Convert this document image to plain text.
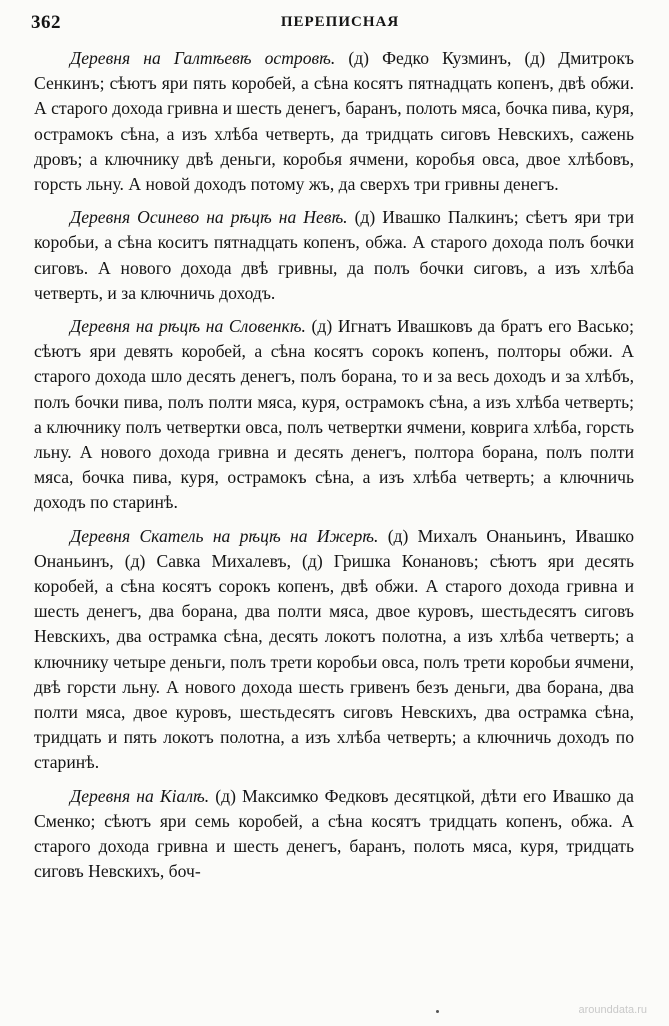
362	ПЕРЕПИСНАЯ

Деревня на Галтѣевѣ островѣ. (д) Федко Кузминъ, (д) Дмитрокъ Сенкинъ; сѣютъ яри пять коробей, а сѣна косятъ пятнадцать копенъ, двѣ обжи. А старого дохода гривна и шесть денегъ, баранъ, полоть мяса, бочка пива, куря, острамокъ сѣна, а изъ хлѣба четверть, да тридцать сиговъ Невскихъ, сажень дровъ; а ключнику двѣ деньги, коробья ячмени, коробья овса, двое хлѣбовъ, горсть льну. А новой доходъ потому жъ, да сверхъ три гривны денегъ.

Деревня Осинево на рѣцѣ на Невѣ. (д) Ивашко Палкинъ; сѣетъ яри три коробьи, а сѣна коситъ пятнадцать копенъ, обжа. А старого дохода полъ бочки сиговъ. А нового дохода двѣ гривны, да полъ бочки сиговъ, а изъ хлѣба четверть, и за ключничь доходъ.

Деревня на рѣцѣ на Словенкѣ. (д) Игнатъ Ивашковъ да братъ его Васько; сѣютъ яри девять коробей, а сѣна косятъ сорокъ копенъ, полторы обжи. А старого дохода шло десять денегъ, полъ борана, то и за весь доходъ и за хлѣбъ, полъ бочки пива, полъ полти мяса, куря, острамокъ сѣна, а изъ хлѣба четверть; а ключнику полъ четвертки овса, полъ четвертки ячмени, коврига хлѣба, горсть льну. А нового дохода гривна и десять денегъ, полтора борана, полъ полти мяса, бочка пива, куря, острамокъ сѣна, а изъ хлѣба четверть; а ключничь доходъ по старинѣ.

Деревня Скатель на рѣцѣ на Ижерѣ. (д) Михалъ Онаньинъ, Ивашко Онаньинъ, (д) Савка Михалевъ, (д) Гришка Конановъ; сѣютъ яри десять коробей, а сѣна косятъ сорокъ копенъ, двѣ обжи. А старого дохода гривна и шесть денегъ, два борана, два полти мяса, двое куровъ, шестьдесятъ сиговъ Невскихъ, два острамка сѣна, десять локотъ полотна, а изъ хлѣба четверть; а ключнику четыре деньги, полъ трети коробьи овса, полъ трети коробьи ячмени, двѣ горсти льну. А нового дохода шесть гривенъ безъ деньги, два борана, два полти мяса, двое куровъ, шестьдесятъ сиговъ Невскихъ, два острамка сѣна, тридцать и пять локотъ полотна, а изъ хлѣба четверть; а ключничь доходъ по старинѣ.

Деревня на Кіалѣ. (д) Максимко Федковъ десятцкой, дѣти его Ивашко да Сменко; сѣютъ яри семь коробей, а сѣна косятъ тридцать копенъ, обжа. А старого дохода гривна и шесть денегъ, баранъ, полоть мяса, куря, тридцать сиговъ Невскихъ, боч-

arounddata.ru
